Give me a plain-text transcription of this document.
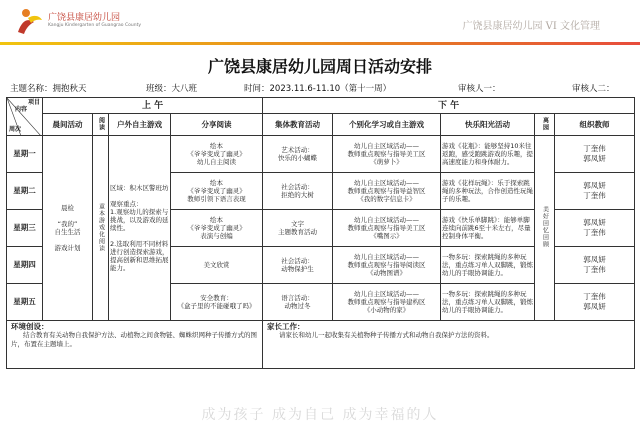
广饶县康居幼儿园
Kangju Kindergarten of Guangrao County	广饶县康居幼儿园 VI 文化管理
广饶县康居幼儿园周日活动安排
主题名称：拥抱秋天	班级：大八班	时间：2023.11.6-11.10（第十一周）	审核人一：	审核人二：
项目
内容
周次	上 午				下 午				
	晨间活动	阅读	户外自主游戏	分享阅读	集体教育活动	个别化学习或自主游戏	快乐阳光活动	离园	组织教师
星期一	晨检

“我的”
自生生活

游戏计划	童本游戏化阅读	区域：积木区警班坊

观察重点：
1.观察幼儿的探索与挑战，以及游戏的延续性。

2.选取利用不同材料进行创造探索游戏，提高创新和思维拓展能力。	绘本
《爷爷变成了幽灵》
幼儿自主阅读	艺术活动：
快乐的小蝴蝶	幼儿自主区域活动——
教师重点观察与指导美工区
《萌萝卜》	游戏《花瓶》：能够坚持10米往返跑，感受跑跳游戏的乐趣，提高速度能力和身体耐力。	美好回忆回顾	丁奎伟
郭凤妍

星期二				绘本
《爷爷变成了幽灵》
教师引领下语言表现	社会活动：
拒绝的大树	幼儿自主区域活动——
教师重点观察与指导益智区
《我的数字信息卡》	游戏《花样玩绳》：乐于探索跳绳的多种玩法，合作创造性玩绳子的乐趣。		郭凤妍
丁奎伟

星期三				绘本
《爷爷变成了幽灵》
表演与创编	文字
主题教育活动	幼儿自主区域活动——
教师重点观察与指导美工区
《嘴图示》	游戏《快乐单脚跳》：能够单脚连续向前跳6至十米左右，尽量控制身体平衡。		郭凤妍
丁奎伟

星期四				美文欣赏	社会活动：
动物保护生	幼儿自主区域活动——
教师重点观察与指导阅读区
《动物图谱》	一物多玩：探索跳绳的多种玩法，重点练习单人双脚跳，锻炼幼儿的手眼协调能力。		郭凤妍
丁奎伟

星期五				安全教育：
《盒子里的不能碰哦了吗》	语言活动：
动物过冬	幼儿自主区域活动——
教师重点观察与指导建构区
《小动物的家》	一物多玩：探索跳绳的多种玩法，重点练习单人双脚跳，锻炼幼儿的手眼协调能力。		丁奎伟
郭凤妍

环境创设：
结合教育有关动物自我保护方法、动植物之间食物链、蜘蛛织网种子传播方式的图片，布置在主题墙上。					家长工作：
请家长和幼儿一起收集有关植物种子传播方式和动物自我保护方法的资料。				
成为孩子 成为自己 成为幸福的人
